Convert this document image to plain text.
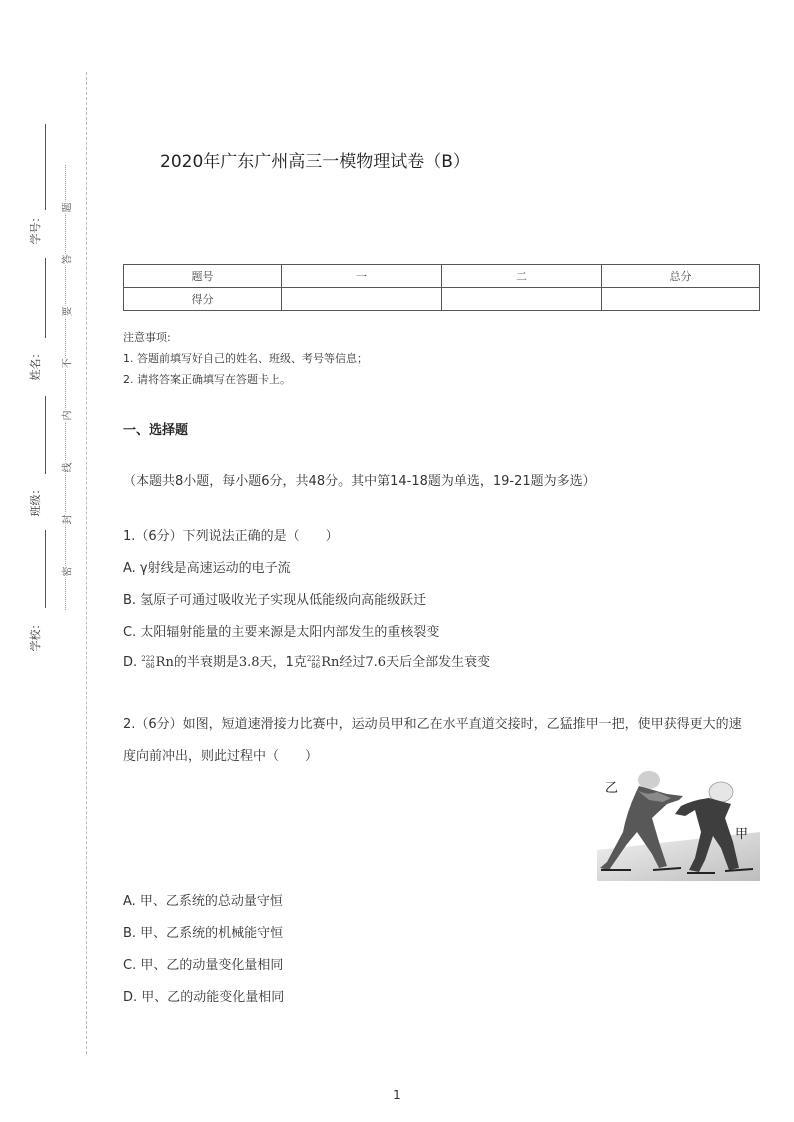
学号：
姓名：
班级：
学校：
题
答
要
不
内
线
封
密
2020年广东广州高三一模物理试卷（B）
题号	一	二	总分
得分			
注意事项:
1. 答题前填写好自己的姓名、班级、考号等信息；
2. 请将答案正确填写在答题卡上。
一、选择题
（本题共8小题，每小题6分，共48分。其中第14-18题为单选，19-21题为多选）
1.（6分）下列说法正确的是（　　）
A. γ射线是高速运动的电子流
B. 氢原子可通过吸收光子实现从低能级向高能级跃迁
C. 太阳辐射能量的主要来源是太阳内部发生的重核裂变
D. 222
86 Rn的半衰期是3.8天，1克 222
86 Rn经过7.6天后全部发生衰变
2.（6分）如图，短道速滑接力比赛中，运动员甲和乙在水平直道交接时，乙猛推甲一把，使甲获得更大的速度向前冲出，则此过程中（　　）
乙
甲
A. 甲、乙系统的总动量守恒
B. 甲、乙系统的机械能守恒
C. 甲、乙的动量变化量相同
D. 甲、乙的动能变化量相同
1
